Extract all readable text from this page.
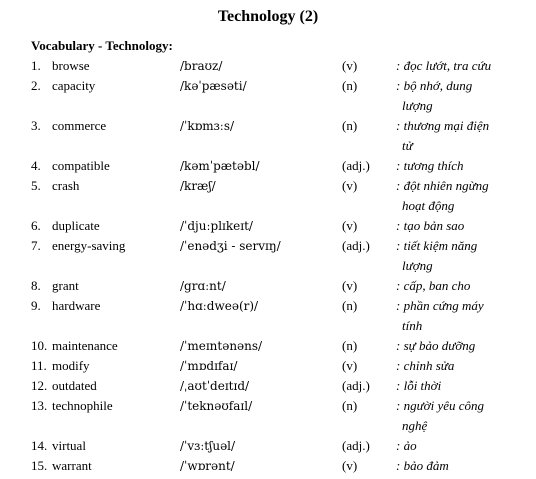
Technology (2)
Vocabulary - Technology:
1. browse	/braʊz/	(v)	: đọc lướt, tra cứu
2. capacity	/kəˈpæsəti/	(n)	: bộ nhớ, dung
lượng
3. commerce	/ˈkɒmɜːs/	(n)	: thương mại điện
tử
4. compatible	/kəmˈpætəbl/	(adj.) : tương thích
5. crash	/kræʃ/	(v)	: đột nhiên ngừng
hoạt động
6. duplicate	/ˈdjuːplɪkeɪt/	(v)	: tạo bản sao
7. energy-saving	/ˈenədʒi - servɪŋ/	(adj.) : tiết kiệm năng
lượng
8. grant	/grɑːnt/	(v)	: cấp, ban cho
9. hardware	/ˈhɑːdweə(r)/	(n)	: phần cứng máy
tính
10. maintenance	/ˈmeɪntənəns/	(n)	: sự bảo dưỡng
11. modify	/ˈmɒdɪfaɪ/	(v)	: chỉnh sửa
12. outdated	/ˌaʊtˈdeɪtɪd/	(adj.) : lỗi thời
13. technophile	/ˈteknəʊfaɪl/	(n)	: người yêu công
nghệ
14. virtual	/ˈvɜːtʃuəl/	(adj.) : ảo
15. warrant	/ˈwɒrənt/	(v)	: bảo đảm
